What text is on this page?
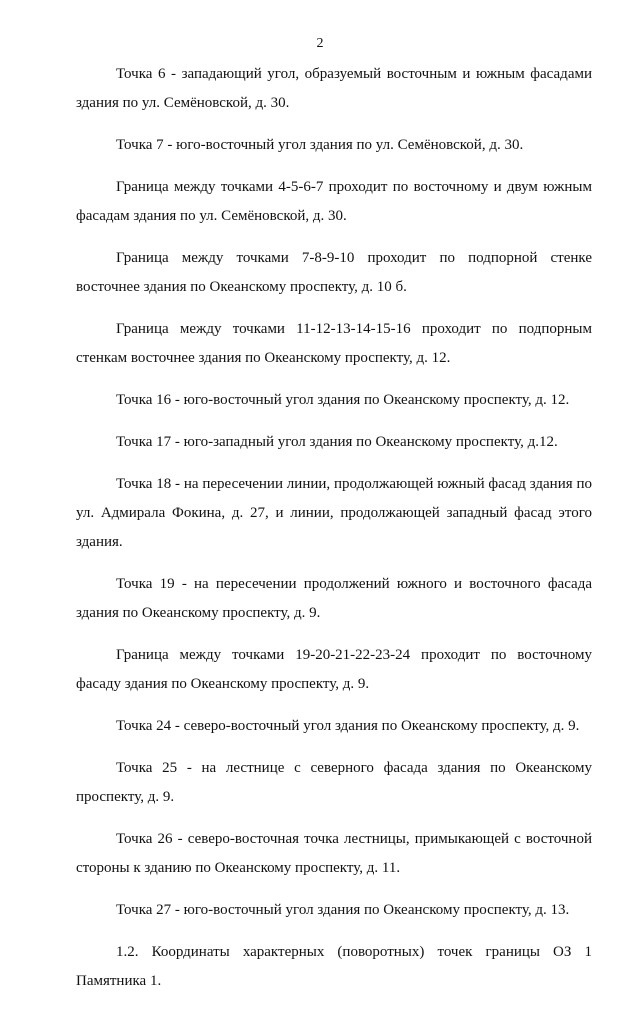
2

Точка 6 - западающий угол, образуемый восточным и южным фасадами здания по ул. Семёновской, д. 30.

Точка 7 - юго-восточный угол здания по ул. Семёновской, д. 30.

Граница между точками 4-5-6-7 проходит по восточному и двум южным фасадам здания по ул. Семёновской, д. 30.

Граница между точками 7-8-9-10 проходит по подпорной стенке восточнее здания по Океанскому проспекту, д. 10 б.

Граница между точками 11-12-13-14-15-16 проходит по подпорным стенкам восточнее здания по Океанскому проспекту, д. 12.

Точка 16 - юго-восточный угол здания по Океанскому проспекту, д. 12.

Точка 17 - юго-западный угол здания по Океанскому проспекту, д.12.

Точка 18 - на пересечении линии, продолжающей южный фасад здания по ул. Адмирала Фокина, д. 27, и линии, продолжающей западный фасад этого здания.

Точка 19 - на пересечении продолжений южного и восточного фасада здания по Океанскому проспекту, д. 9.

Граница между точками 19-20-21-22-23-24 проходит по восточному фасаду здания по Океанскому проспекту, д. 9.

Точка 24 - северо-восточный угол здания по Океанскому проспекту, д. 9.

Точка 25 - на лестнице с северного фасада здания по Океанскому проспекту, д. 9.

Точка 26 - северо-восточная точка лестницы, примыкающей с восточной стороны к зданию по Океанскому проспекту, д. 11.

Точка 27 - юго-восточный угол здания по Океанскому проспекту, д. 13.

1.2. Координаты характерных (поворотных) точек границы ОЗ 1 Памятника 1.
